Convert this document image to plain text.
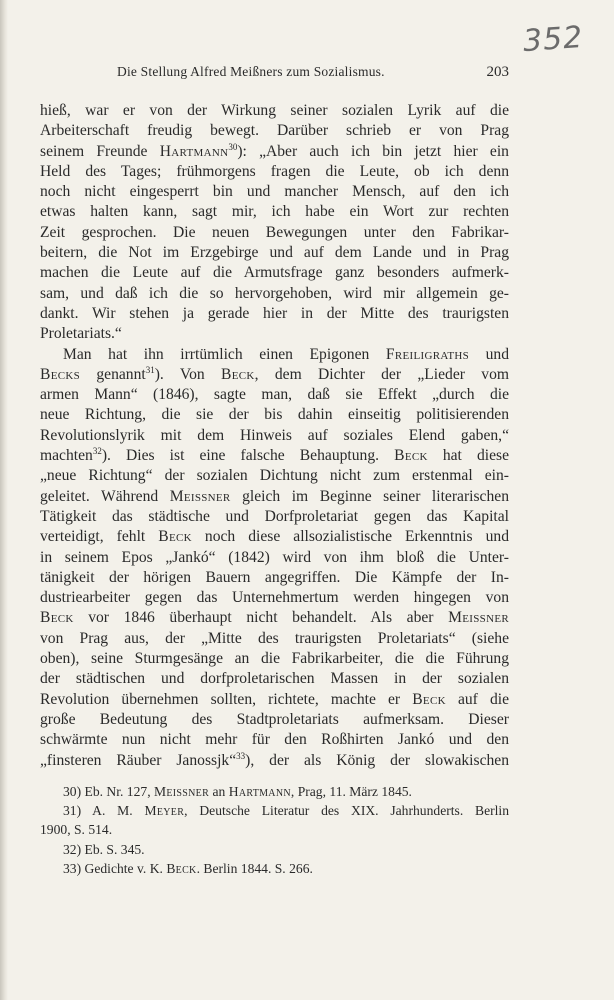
352
Die Stellung Alfred Meißners zum Sozialismus.	203

hieß, war er von der Wirkung seiner sozialen Lyrik auf die

Arbeiterschaft freudig bewegt. Darüber schrieb er von Prag

seinem Freunde Hartmann$^{30}$): „Aber auch ich bin jetzt hier ein

Held des Tages; frühmorgens fragen die Leute, ob ich denn

noch nicht eingesperrt bin und mancher Mensch, auf den ich

etwas halten kann, sagt mir, ich habe ein Wort zur rechten

Zeit gesprochen. Die neuen Bewegungen unter den Fabrikar-

beitern, die Not im Erzgebirge und auf dem Lande und in Prag

machen die Leute auf die Armutsfrage ganz besonders aufmerk-

sam, und daß ich die so hervorgehoben, wird mir allgemein ge-

dankt. Wir stehen ja gerade hier in der Mitte des traurigsten

Proletariats.“

Man hat ihn irrtümlich einen Epigonen Freiligraths und

Becks genannt$^{31}$). Von Beck, dem Dichter der „Lieder vom

armen Mann“ (1846), sagte man, daß sie Effekt „durch die

neue Richtung, die sie der bis dahin einseitig politisierenden

Revolutionslyrik mit dem Hinweis auf soziales Elend gaben,“

machten$^{32}$). Dies ist eine falsche Behauptung. Beck hat diese

„neue Richtung“ der sozialen Dichtung nicht zum erstenmal ein-

geleitet. Während Meissner gleich im Beginne seiner literarischen

Tätigkeit das städtische und Dorfproletariat gegen das Kapital

verteidigt, fehlt Beck noch diese allsozialistische Erkenntnis und

in seinem Epos „Jankó“ (1842) wird von ihm bloß die Unter-

tänigkeit der hörigen Bauern angegriffen. Die Kämpfe der In-

dustriearbeiter gegen das Unternehmertum werden hingegen von

Beck vor 1846 überhaupt nicht behandelt. Als aber Meissner

von Prag aus, der „Mitte des traurigsten Proletariats“ (siehe

oben), seine Sturmgesänge an die Fabrikarbeiter, die die Führung

der städtischen und dorfproletarischen Massen in der sozialen

Revolution übernehmen sollten, richtete, machte er Beck auf die

große Bedeutung des Stadtproletariats aufmerksam. Dieser

schwärmte nun nicht mehr für den Roßhirten Jankó und den

„finsteren Räuber Janossjk“$^{33}$), der als König der slowakischen

30) Eb. Nr. 127, Meissner an Hartmann, Prag, 11. März 1845.
31) A. M. Meyer, Deutsche Literatur des XIX. Jahrhunderts. Berlin
1900, S. 514.
32) Eb. S. 345.
33) Gedichte v. K. Beck. Berlin 1844. S. 266.
